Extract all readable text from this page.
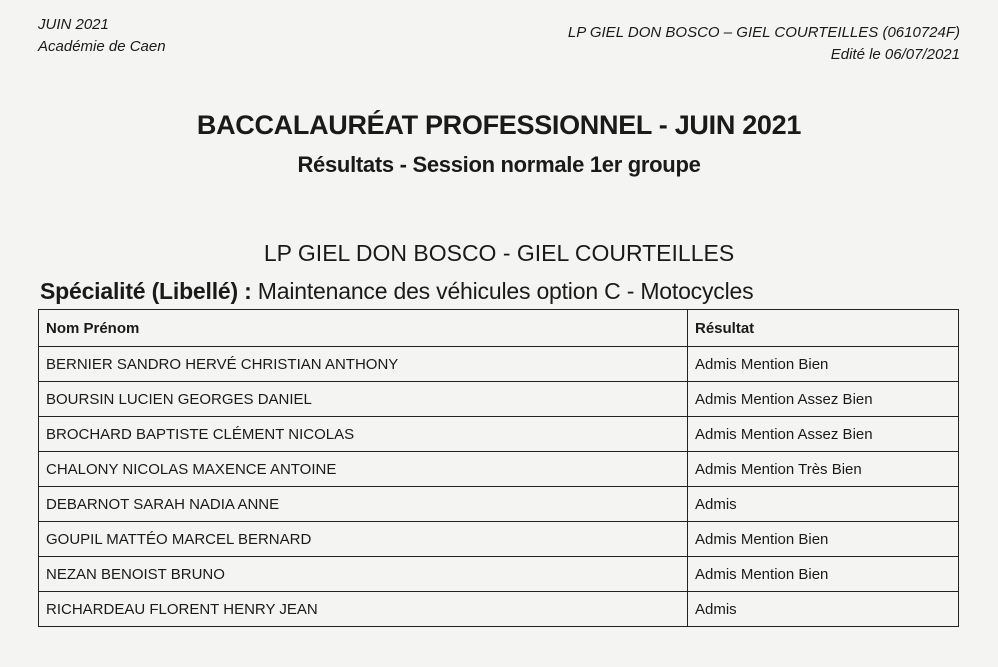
JUIN 2021
Académie de Caen
LP GIEL DON BOSCO – GIEL COURTEILLES (0610724F)
Edité le 06/07/2021
BACCALAURÉAT PROFESSIONNEL - JUIN 2021
Résultats - Session normale 1er groupe
LP GIEL DON BOSCO - GIEL COURTEILLES
Spécialité (Libellé) : Maintenance des véhicules option C - Motocycles
Nom Prénom	Résultat
BERNIER SANDRO HERVÉ CHRISTIAN ANTHONY	Admis Mention Bien
BOURSIN LUCIEN GEORGES DANIEL	Admis Mention Assez Bien
BROCHARD BAPTISTE CLÉMENT NICOLAS	Admis Mention Assez Bien
CHALONY NICOLAS MAXENCE ANTOINE	Admis Mention Très Bien
DEBARNOT SARAH NADIA ANNE	Admis
GOUPIL MATTÉO MARCEL BERNARD	Admis Mention Bien
NEZAN BENOIST BRUNO	Admis Mention Bien
RICHARDEAU FLORENT HENRY JEAN	Admis
